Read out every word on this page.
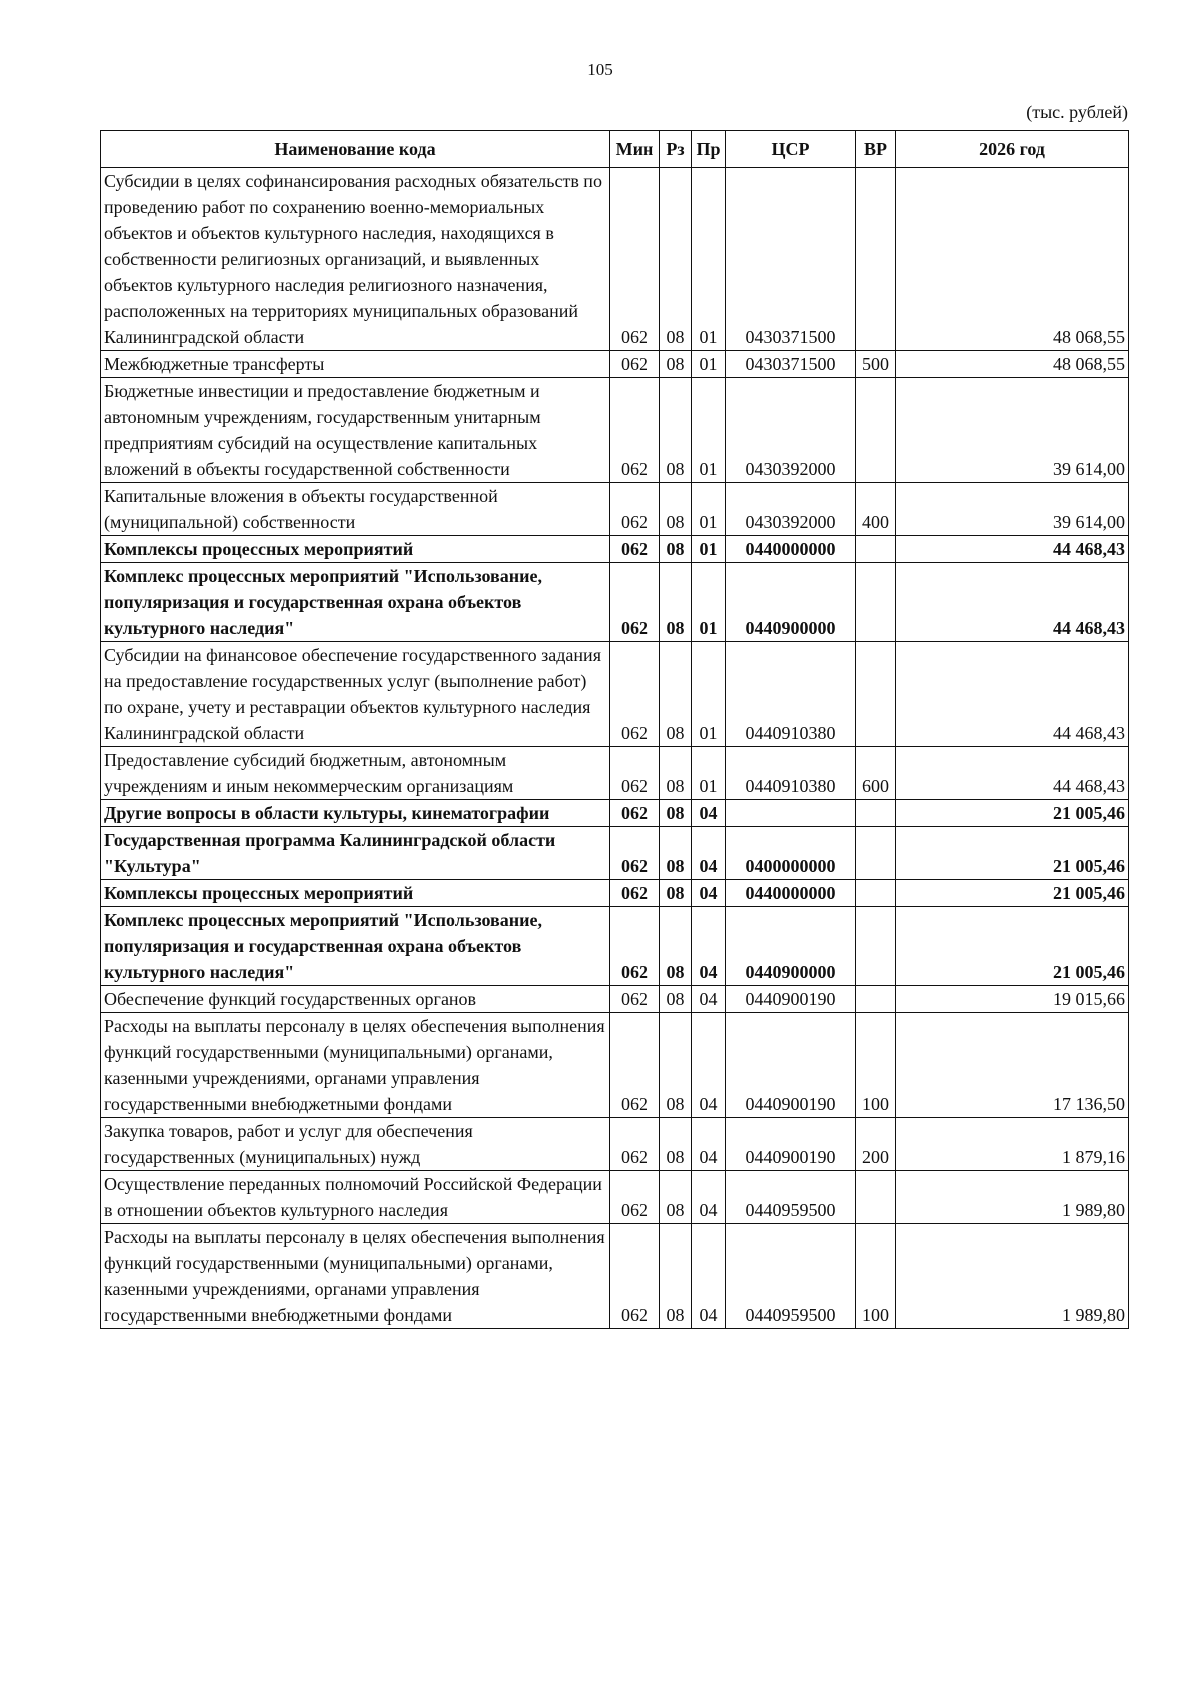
105
(тыс. рублей)
Наименование кода	Мин	Рз	Пр	ЦСР	ВР	2026 год
Субсидии в целях софинансирования расходных обязательств по проведению работ по сохранению военно-мемориальных объектов и объектов культурного наследия, находящихся в собственности религиозных организаций, и выявленных объектов культурного наследия религиозного назначения, расположенных на территориях муниципальных образований Калининградской области	062	08	01	0430371500		48 068,55
Межбюджетные трансферты	062	08	01	0430371500	500	48 068,55
Бюджетные инвестиции и предоставление бюджетным и автономным учреждениям, государственным унитарным предприятиям субсидий на осуществление капитальных вложений в объекты государственной собственности	062	08	01	0430392000		39 614,00
Капитальные вложения в объекты государственной (муниципальной) собственности	062	08	01	0430392000	400	39 614,00
Комплексы процессных мероприятий	062	08	01	0440000000		44 468,43
Комплекс процессных мероприятий "Использование, популяризация и государственная охрана объектов культурного наследия"	062	08	01	0440900000		44 468,43
Субсидии на финансовое обеспечение государственного задания на предоставление государственных услуг (выполнение работ) по охране, учету и реставрации объектов культурного наследия Калининградской области	062	08	01	0440910380		44 468,43
Предоставление субсидий бюджетным, автономным учреждениям и иным некоммерческим организациям	062	08	01	0440910380	600	44 468,43
Другие вопросы в области культуры, кинематографии	062	08	04			21 005,46
Государственная программа Калининградской области "Культура"	062	08	04	0400000000		21 005,46
Комплексы процессных мероприятий	062	08	04	0440000000		21 005,46
Комплекс процессных мероприятий "Использование, популяризация и государственная охрана объектов культурного наследия"	062	08	04	0440900000		21 005,46
Обеспечение функций государственных органов	062	08	04	0440900190		19 015,66
Расходы на выплаты персоналу в целях обеспечения выполнения функций государственными (муниципальными) органами, казенными учреждениями, органами управления государственными внебюджетными фондами	062	08	04	0440900190	100	17 136,50
Закупка товаров, работ и услуг для обеспечения государственных (муниципальных) нужд	062	08	04	0440900190	200	1 879,16
Осуществление переданных полномочий Российской Федерации в отношении объектов культурного наследия	062	08	04	0440959500		1 989,80
Расходы на выплаты персоналу в целях обеспечения выполнения функций государственными (муниципальными) органами, казенными учреждениями, органами управления государственными внебюджетными фондами	062	08	04	0440959500	100	1 989,80
